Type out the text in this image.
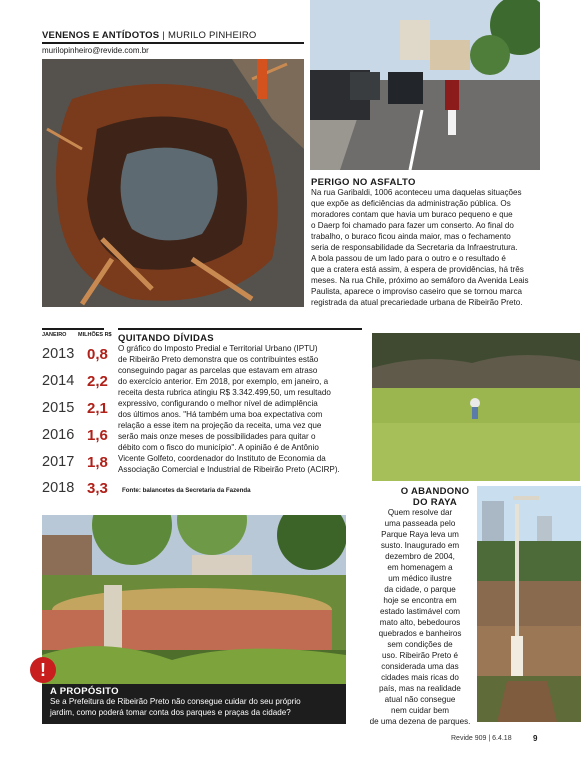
VENENOS E ANTÍDOTOS | MURILO PINHEIRO
murilopinheiro@revide.com.br
PERIGO NO ASFALTO
Na rua Garibaldi, 1006 aconteceu uma daquelas situações
que expõe as deficiências da administração pública. Os
moradores contam que havia um buraco pequeno e que
o Daerp foi chamado para fazer um conserto. Ao final do
trabalho, o buraco ficou ainda maior, mas o fechamento
seria de responsabilidade da Secretaria da Infraestrutura.
A bola passou de um lado para o outro e o resultado é
que a cratera está assim, à espera de providências, há três
meses. Na rua Chile, próximo ao semáforo da Avenida Leais
Paulista, aparece o improviso caseiro que se tornou marca
registrada da atual precariedade urbana de Ribeirão Preto.
JANEIRO MILHÕES R$
2013 0,8
2014 2,2
2015 2,1
2016 1,6
2017 1,8
2018 3,3
QUITANDO DÍVIDAS
O gráfico do Imposto Predial e Territorial Urbano (IPTU)
de Ribeirão Preto demonstra que os contribuintes estão
conseguindo pagar as parcelas que estavam em atraso
do exercício anterior. Em 2018, por exemplo, em janeiro, a
receita desta rubrica atingiu R$ 3.342.499,50, um resultado
expressivo, configurando o melhor nível de adimplência
dos últimos anos. "Há também uma boa expectativa com
relação a esse item na projeção da receita, uma vez que
serão mais onze meses de possibilidades para quitar o
débito com o fisco do município". A opinião é de Antônio
Vicente Golfeto, coordenador do Instituto de Economia da
Associação Comercial e Industrial de Ribeirão Preto (ACIRP).
Fonte: balancetes da Secretaria da Fazenda	O ABANDONO
DO RAYA
Quem resolve dar
uma passeada pelo
Parque Raya leva um
susto. Inaugurado em
dezembro de 2004,
em homenagem a
um médico ilustre
da cidade, o parque
hoje se encontra em
estado lastimável com
mato alto, bebedouros
quebrados e banheiros
sem condições de
uso. Ribeirão Preto é
considerada uma das
cidades mais ricas do
país, mas na realidade
atual não consegue
nem cuidar bem
de uma dezena de parques.
!
A PROPÓSITO
Se a Prefeitura de Ribeirão Preto não consegue cuidar do seu próprio
jardim, como poderá tomar conta dos parques e praças da cidade?
Revide 909 | 6.4.18	9
